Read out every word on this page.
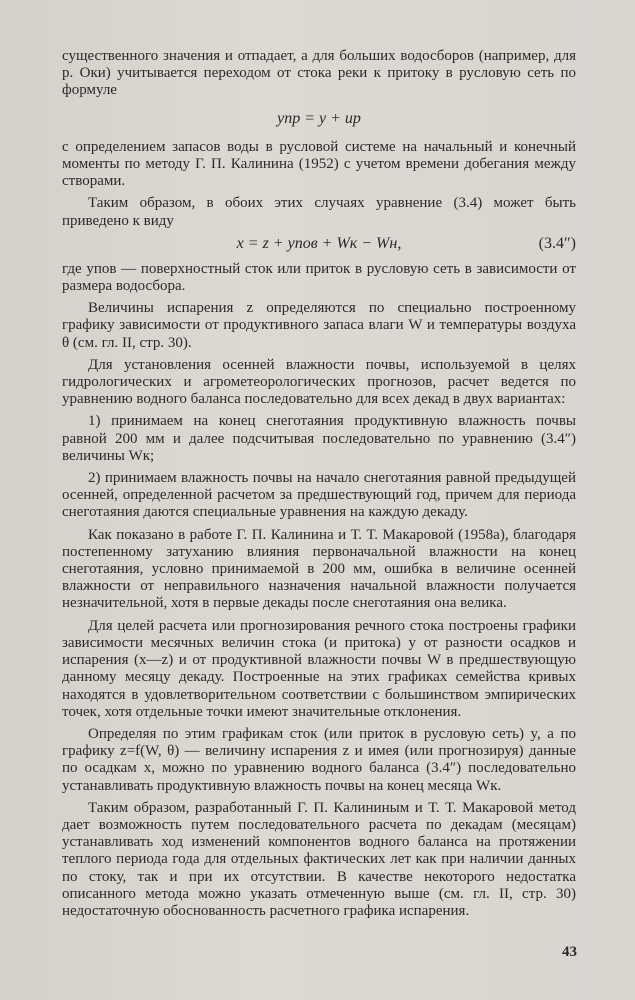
существенного значения и отпадает, а для больших водосборов (например, для р. Оки) учитывается переходом от стока реки к притоку в русловую сеть по формуле

yпр = y + uр

с определением запасов воды в русловой системе на начальный и конечный моменты по методу Г. П. Калинина (1952) с учетом времени добегания между створами.

Таким образом, в обоих этих случаях уравнение (3.4) может быть приведено к виду

x = z + yпов + Wк − Wн,	(3.4″)

где yпов — поверхностный сток или приток в русловую сеть в зависимости от размера водосбора.

Величины испарения z определяются по специально построенному графику зависимости от продуктивного запаса влаги W и температуры воздуха θ (см. гл. II, стр. 30).

Для установления осенней влажности почвы, используемой в целях гидрологических и агрометеорологических прогнозов, расчет ведется по уравнению водного баланса последовательно для всех декад в двух вариантах:

1) принимаем на конец снеготаяния продуктивную влажность почвы равной 200 мм и далее подсчитывая последовательно по уравнению (3.4″) величины Wк;

2) принимаем влажность почвы на начало снеготаяния равной предыдущей осенней, определенной расчетом за предшествующий год, причем для периода снеготаяния даются специальные уравнения на каждую декаду.

Как показано в работе Г. П. Калинина и Т. Т. Макаровой (1958а), благодаря постепенному затуханию влияния первоначальной влажности на конец снеготаяния, условно принимаемой в 200 мм, ошибка в величине осенней влажности от неправильного назначения начальной влажности получается незначительной, хотя в первые декады после снеготаяния она велика.

Для целей расчета или прогнозирования речного стока построены графики зависимости месячных величин стока (и притока) y от разности осадков и испарения (x—z) и от продуктивной влажности почвы W в предшествующую данному месяцу декаду. Построенные на этих графиках семейства кривых находятся в удовлетворительном соответствии с большинством эмпирических точек, хотя отдельные точки имеют значительные отклонения.

Определяя по этим графикам сток (или приток в русловую сеть) y, а по графику z=f(W, θ) — величину испарения z и имея (или прогнозируя) данные по осадкам x, можно по уравнению водного баланса (3.4″) последовательно устанавливать продуктивную влажность почвы на конец месяца Wк.

Таким образом, разработанный Г. П. Калининым и Т. Т. Макаровой метод дает возможность путем последовательного расчета по декадам (месяцам) устанавливать ход изменений компонентов водного баланса на протяжении теплого периода года для отдельных фактических лет как при наличии данных по стоку, так и при их отсутствии. В качестве некоторого недостатка описанного метода можно указать отмеченную выше (см. гл. II, стр. 30) недостаточную обоснованность расчетного графика испарения.

43
